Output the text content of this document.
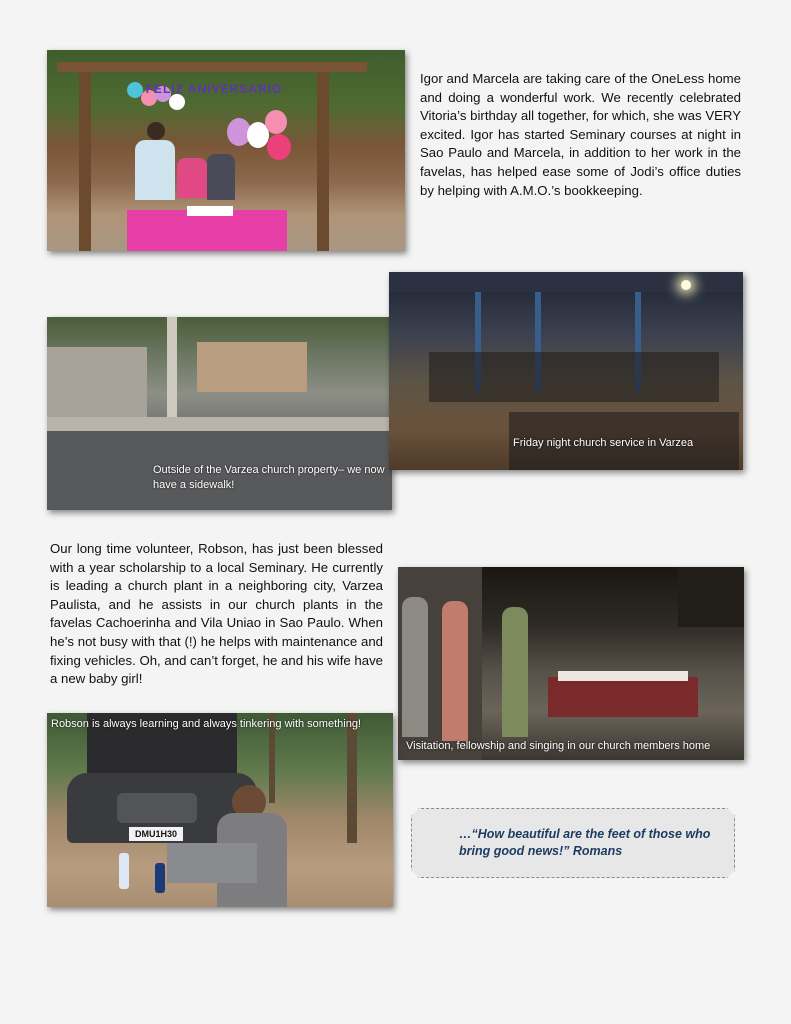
FELIZ ANIVERSARIO

Igor and Marcela are taking care of the OneLess home and doing a wonderful work. We recently celebrated Vitoria’s birthday all together, for which, she was VERY excited. Igor has started Seminary courses at night in Sao Paulo and Marcela, in addition to her work in the favelas, has helped ease some of Jodi’s office duties by helping with A.M.O.’s bookkeeping.

Outside of the Varzea church property– we now have a sidewalk!
Friday night church service in Varzea

Our long time volunteer, Robson, has just been blessed with a year scholarship to a local Seminary. He currently is leading a church plant in a neighboring city, Varzea Paulista, and he assists in our church plants in the favelas Cachoerinha and Vila Uniao in Sao Paulo. When he’s not busy with that (!) he helps with maintenance and fixing vehicles. Oh, and can’t forget, he and his wife have a new baby girl!

Visitation, fellowship and singing in our church members home
DMU1H30
Robson is always learning and always tinkering with something!
…“How beautiful are the feet of those who bring good news!” Romans
